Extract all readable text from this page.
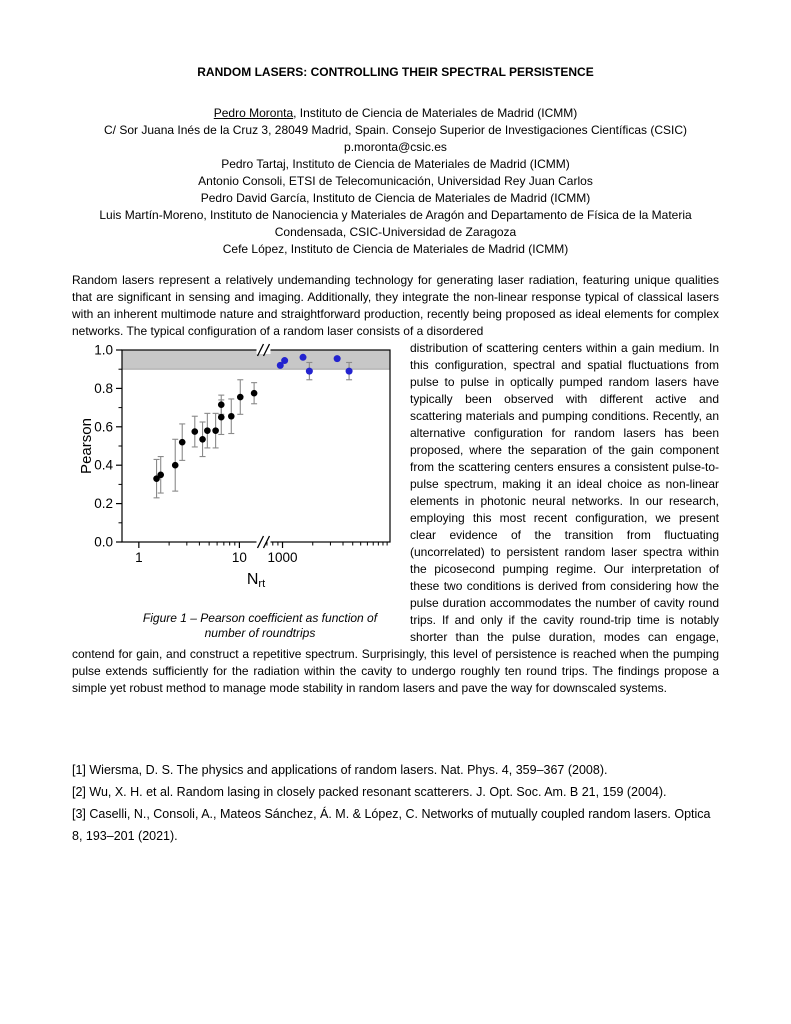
RANDOM LASERS: CONTROLLING THEIR SPECTRAL PERSISTENCE
Pedro Moronta, Instituto de Ciencia de Materiales de Madrid (ICMM)
C/ Sor Juana Inés de la Cruz 3, 28049 Madrid, Spain. Consejo Superior de Investigaciones Científicas (CSIC)
p.moronta@csic.es
Pedro Tartaj, Instituto de Ciencia de Materiales de Madrid (ICMM)
Antonio Consoli, ETSI de Telecomunicación, Universidad Rey Juan Carlos
Pedro David García, Instituto de Ciencia de Materiales de Madrid (ICMM)
Luis Martín-Moreno, Instituto de Nanociencia y Materiales de Aragón and Departamento de Física de la Materia Condensada, CSIC-Universidad de Zaragoza
Cefe López, Instituto de Ciencia de Materiales de Madrid (ICMM)

Random lasers represent a relatively undemanding technology for generating laser radiation, featuring unique qualities that are significant in sensing and imaging. Additionally, they integrate the non-linear response typical of classical lasers with an inherent multimode nature and straightforward production, recently being proposed as ideal elements for complex networks. The typical configuration of a random laser consists of a disordered

0.0
0.2
0.4
0.6
0.8
1.0
1	10 1000
Pearson
Nrt
Figure 1 – Pearson coefficient as function of
number of roundtrips

distribution of scattering centers within a gain medium. In this configuration, spectral and spatial fluctuations from pulse to pulse in optically pumped random lasers have typically been observed with different active and scattering materials and pumping conditions. Recently, an alternative configuration for random lasers has been proposed, where the separation of the gain component from the scattering centers ensures a consistent pulse-to-pulse spectrum, making it an ideal choice as non-linear elements in photonic neural networks. In our research, employing this most recent configuration, we present clear evidence of the transition from fluctuating (uncorrelated) to persistent random laser spectra within the picosecond pumping regime. Our interpretation of these two conditions is derived from considering how the pulse duration accommodates the number of cavity round trips. If and only if the cavity round-trip time is notably shorter than the pulse duration, modes can engage, contend for gain, and construct a repetitive spectrum. Surprisingly, this level of persistence is reached when the pumping pulse extends sufficiently for the radiation within the cavity to undergo roughly ten round trips. The findings propose a simple yet robust method to manage mode stability in random lasers and pave the way for downscaled systems.

[1] Wiersma, D. S. The physics and applications of random lasers. Nat. Phys. 4, 359–367 (2008).
[2] Wu, X. H. et al. Random lasing in closely packed resonant scatterers. J. Opt. Soc. Am. B 21, 159 (2004).
[3] Caselli, N., Consoli, A., Mateos Sánchez, Á. M. & López, C. Networks of mutually coupled random lasers. Optica 8, 193–201 (2021).
